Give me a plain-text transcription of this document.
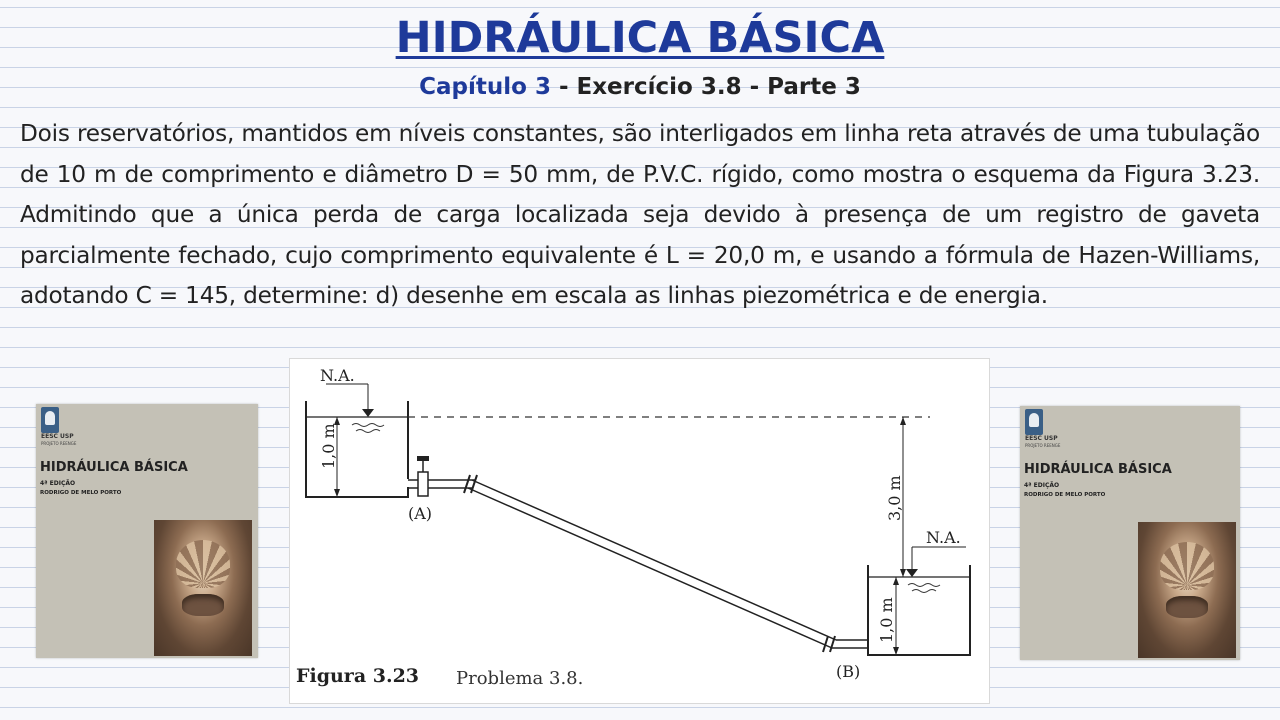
HIDRÁULICA BÁSICA
Capítulo 3 - Exercício 3.8 - Parte 3
Dois reservatórios, mantidos em níveis constantes, são interligados em linha reta através de uma tubulação de 10 m de comprimento e diâmetro D = 50 mm, de P.V.C. rígido, como mostra o esquema da Figura 3.23. Admitindo que a única perda de carga localizada seja devido à presença de um registro de gaveta parcialmente fechado, cujo comprimento equivalente é L = 20,0 m, e usando a fórmula de Hazen-Williams, adotando C = 145, determine: d) desenhe em escala as linhas piezométrica e de energia.
EESC USP
PROJETO REENGE
HIDRÁULICA BÁSICA
4ª EDIÇÃO
RODRIGO DE MELO PORTO
EESC USP
PROJETO REENGE
HIDRÁULICA BÁSICA
4ª EDIÇÃO
RODRIGO DE MELO PORTO
N.A.
1,0 m
(A)
(B)
N.A.
3,0 m
1,0 m
Figura 3.23 Problema 3.8.
